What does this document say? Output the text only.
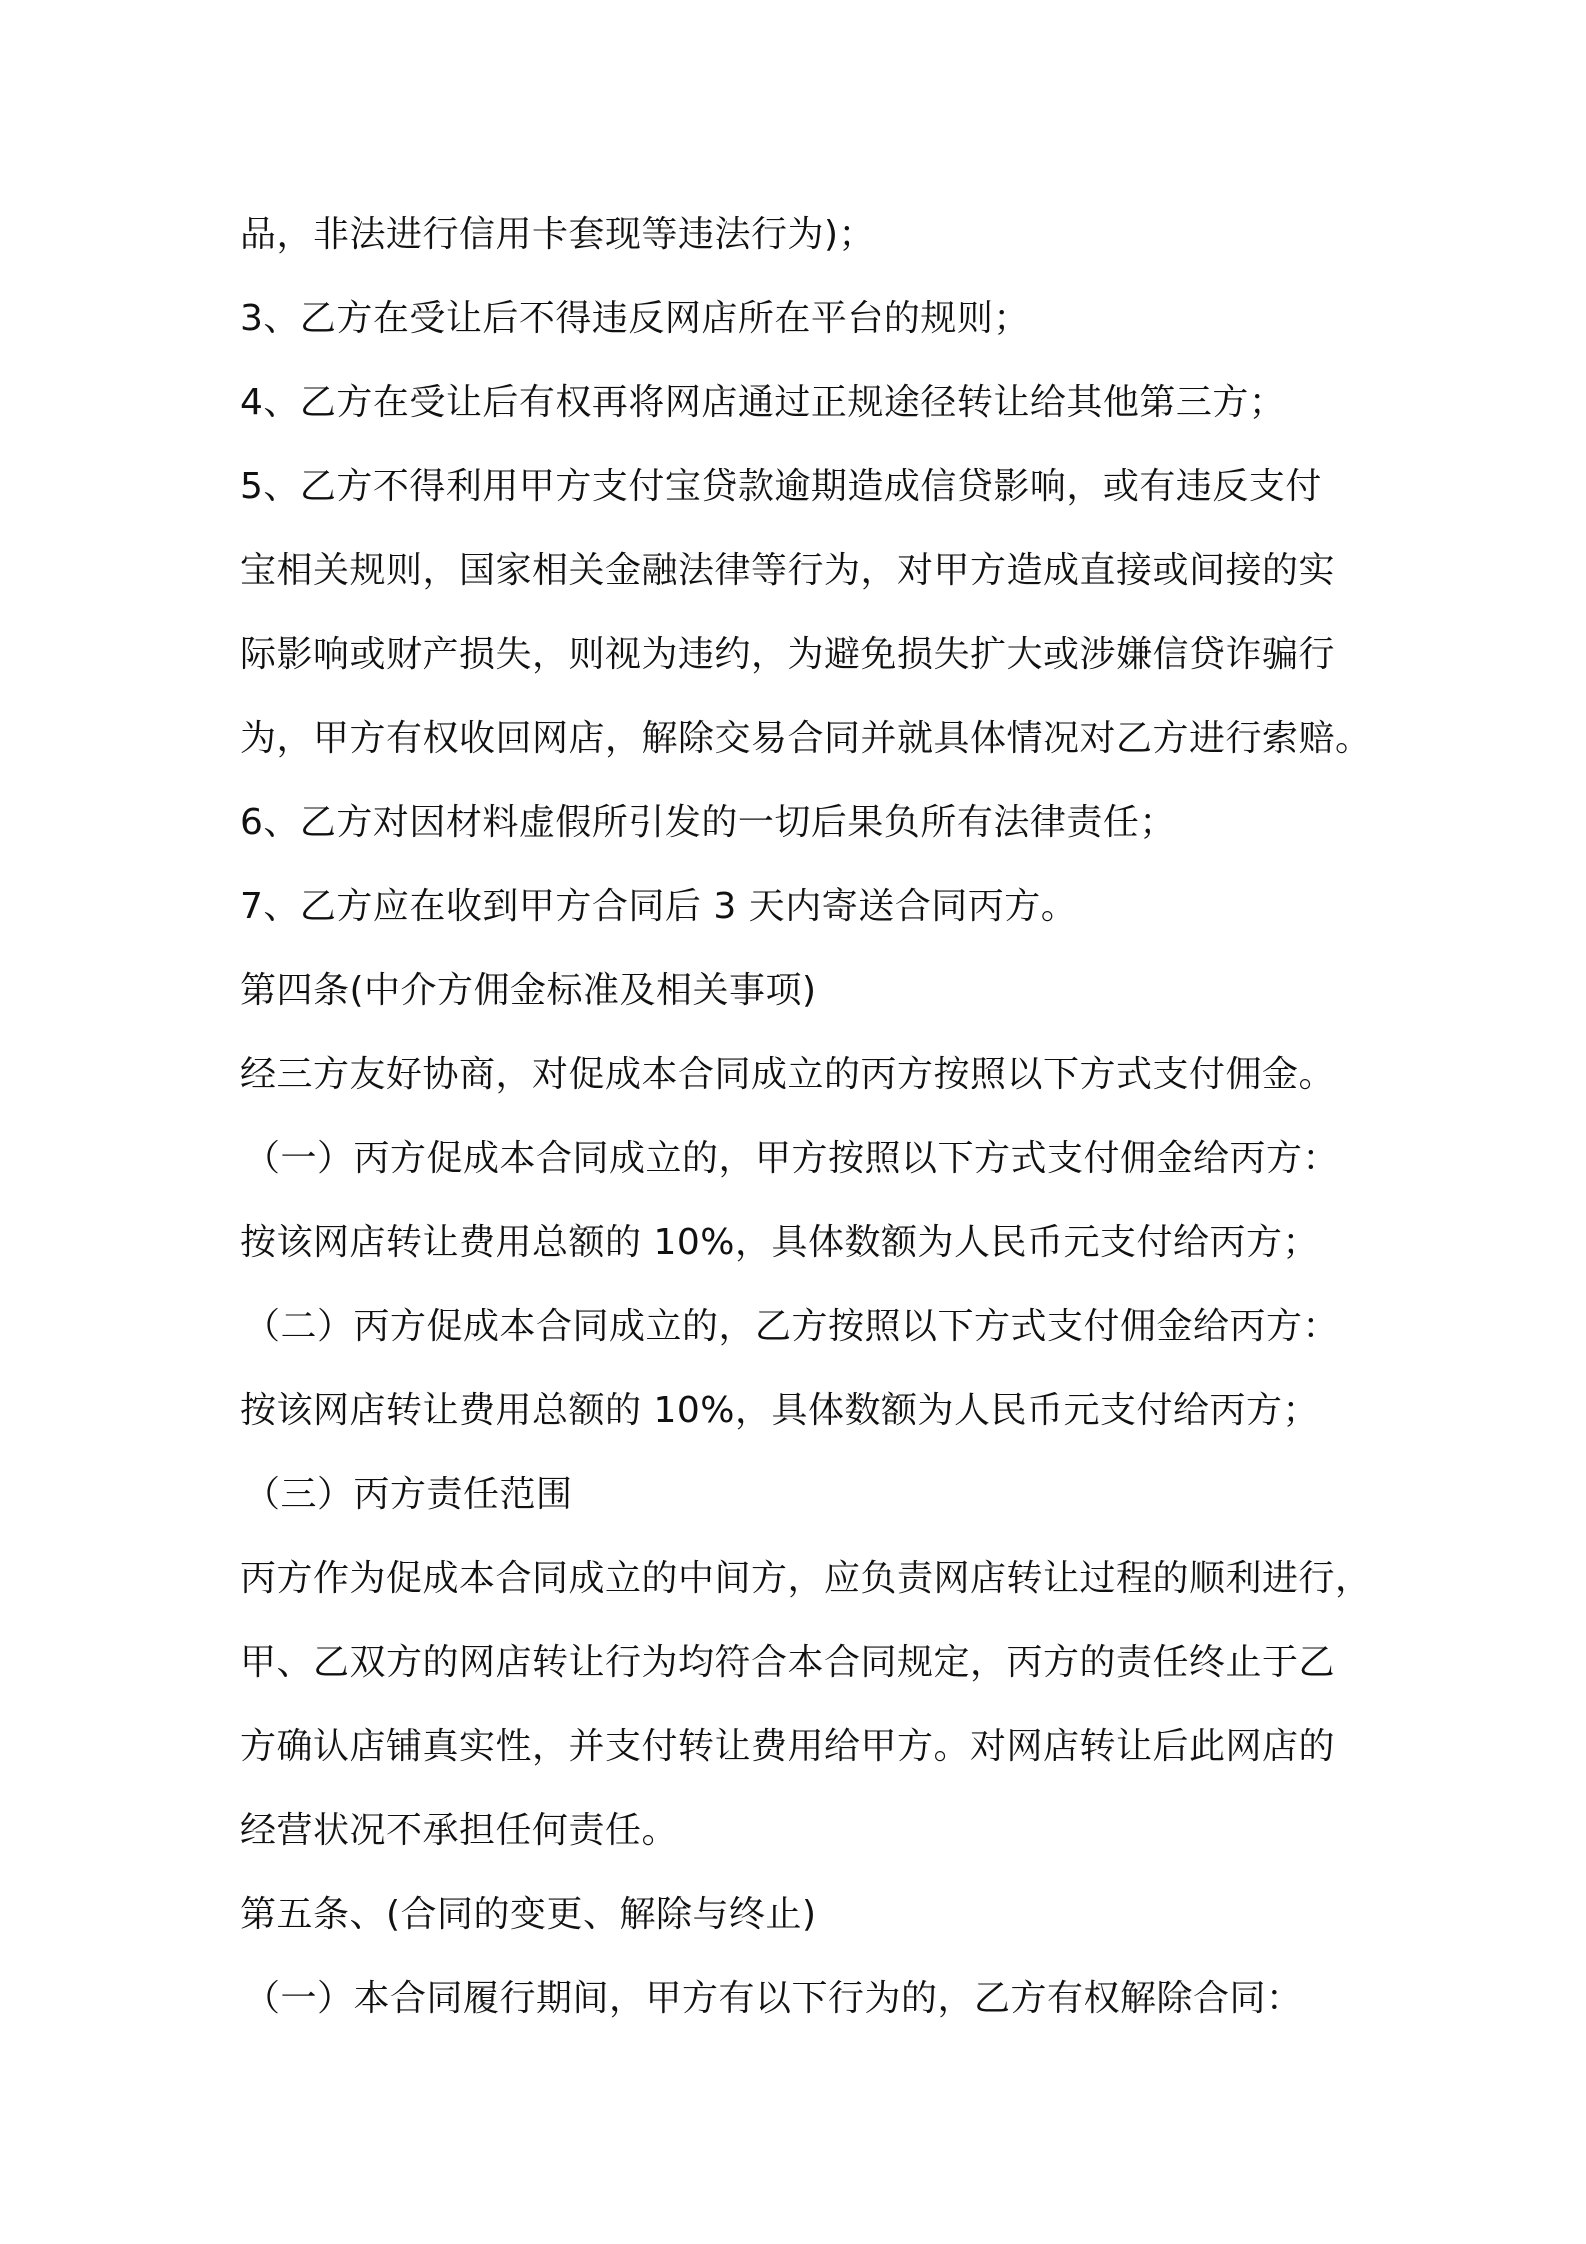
品，非法进行信用卡套现等违法行为)；
3、乙方在受让后不得违反网店所在平台的规则；
4、乙方在受让后有权再将网店通过正规途径转让给其他第三方；
5、乙方不得利用甲方支付宝贷款逾期造成信贷影响，或有违反支付
宝相关规则，国家相关金融法律等行为，对甲方造成直接或间接的实
际影响或财产损失，则视为违约，为避免损失扩大或涉嫌信贷诈骗行
为，甲方有权收回网店，解除交易合同并就具体情况对乙方进行索赔。
6、乙方对因材料虚假所引发的一切后果负所有法律责任；
7、乙方应在收到甲方合同后 3 天内寄送合同丙方。
第四条(中介方佣金标准及相关事项)
经三方友好协商，对促成本合同成立的丙方按照以下方式支付佣金。
（一）丙方促成本合同成立的，甲方按照以下方式支付佣金给丙方：
按该网店转让费用总额的 10%，具体数额为人民币元支付给丙方；
（二）丙方促成本合同成立的，乙方按照以下方式支付佣金给丙方：
按该网店转让费用总额的 10%，具体数额为人民币元支付给丙方；
（三）丙方责任范围
丙方作为促成本合同成立的中间方，应负责网店转让过程的顺利进行，
甲、乙双方的网店转让行为均符合本合同规定，丙方的责任终止于乙
方确认店铺真实性，并支付转让费用给甲方。对网店转让后此网店的
经营状况不承担任何责任。
第五条、(合同的变更、解除与终止)
（一）本合同履行期间，甲方有以下行为的，乙方有权解除合同：
